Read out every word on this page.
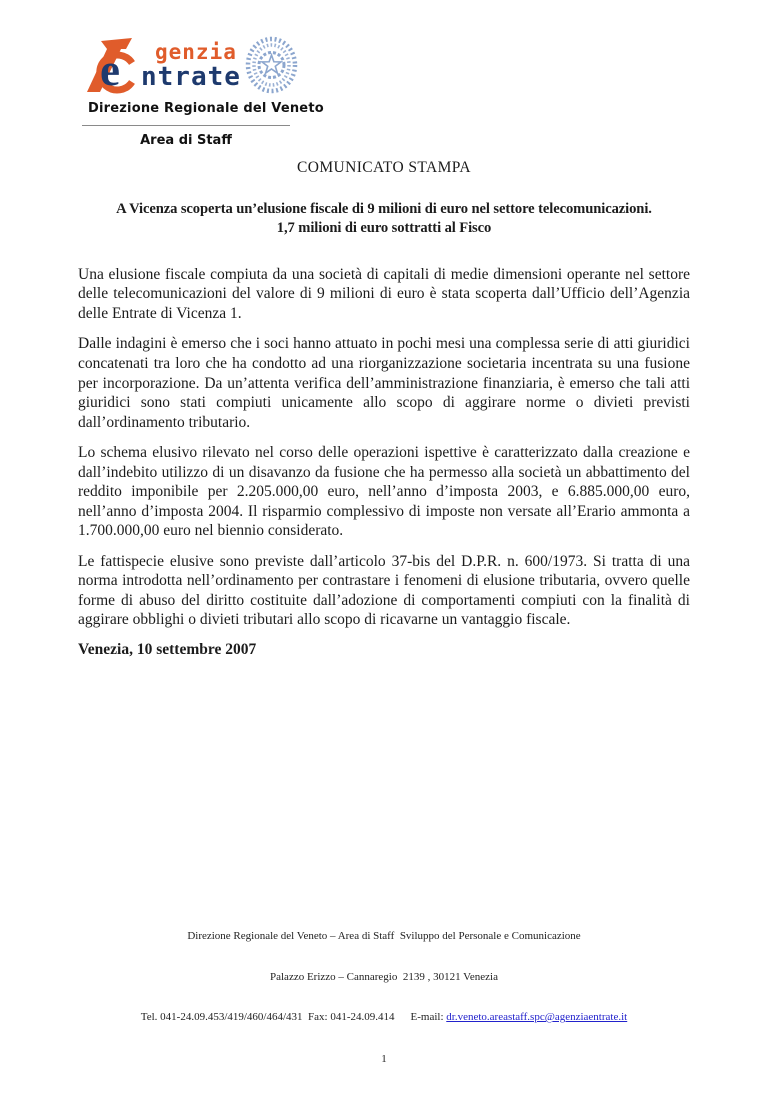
e genzia
ntrate
Direzione Regionale del Veneto
Area di Staff
COMUNICATO STAMPA
A Vicenza scoperta un’elusione fiscale di 9 milioni di euro nel settore telecomunicazioni.
1,7 milioni di euro sottratti al Fisco

Una elusione fiscale compiuta da una società di capitali di medie dimensioni operante nel settore delle telecomunicazioni del valore di 9 milioni di euro è stata scoperta dall’Ufficio dell’Agenzia delle Entrate di Vicenza 1.

Dalle indagini è emerso che i soci hanno attuato in pochi mesi una complessa serie di atti giuridici concatenati tra loro che ha condotto ad una riorganizzazione societaria incentrata su una fusione per incorporazione. Da un’attenta verifica dell’amministrazione finanziaria, è emerso che tali atti giuridici sono stati compiuti unicamente allo scopo di aggirare norme o divieti previsti dall’ordinamento tributario.

Lo schema elusivo rilevato nel corso delle operazioni ispettive è caratterizzato dalla creazione e dall’indebito utilizzo di un disavanzo da fusione che ha permesso alla società un abbattimento del reddito imponibile per 2.205.000,00 euro, nell’anno d’imposta 2003, e 6.885.000,00 euro, nell’anno d’imposta 2004. Il risparmio complessivo di imposte non versate all’Erario ammonta a 1.700.000,00 euro nel biennio considerato.

Le fattispecie elusive sono previste dall’articolo 37-bis del D.P.R. n. 600/1973. Si tratta di una norma introdotta nell’ordinamento per contrastare i fenomeni di elusione tributaria, ovvero quelle forme di abuso del diritto costituite dall’adozione di comportamenti compiuti con la finalità di aggirare obblighi o divieti tributari allo scopo di ricavarne un vantaggio fiscale.

Venezia, 10 settembre 2007

Direzione Regionale del Veneto – Area di Staff  Sviluppo del Personale e Comunicazione

Palazzo Erizzo – Cannaregio  2139 , 30121 Venezia

Tel. 041-24.09.453/419/460/464/431  Fax: 041-24.09.414 E-mail: dr.veneto.areastaff.spc@agenziaentrate.it

1
